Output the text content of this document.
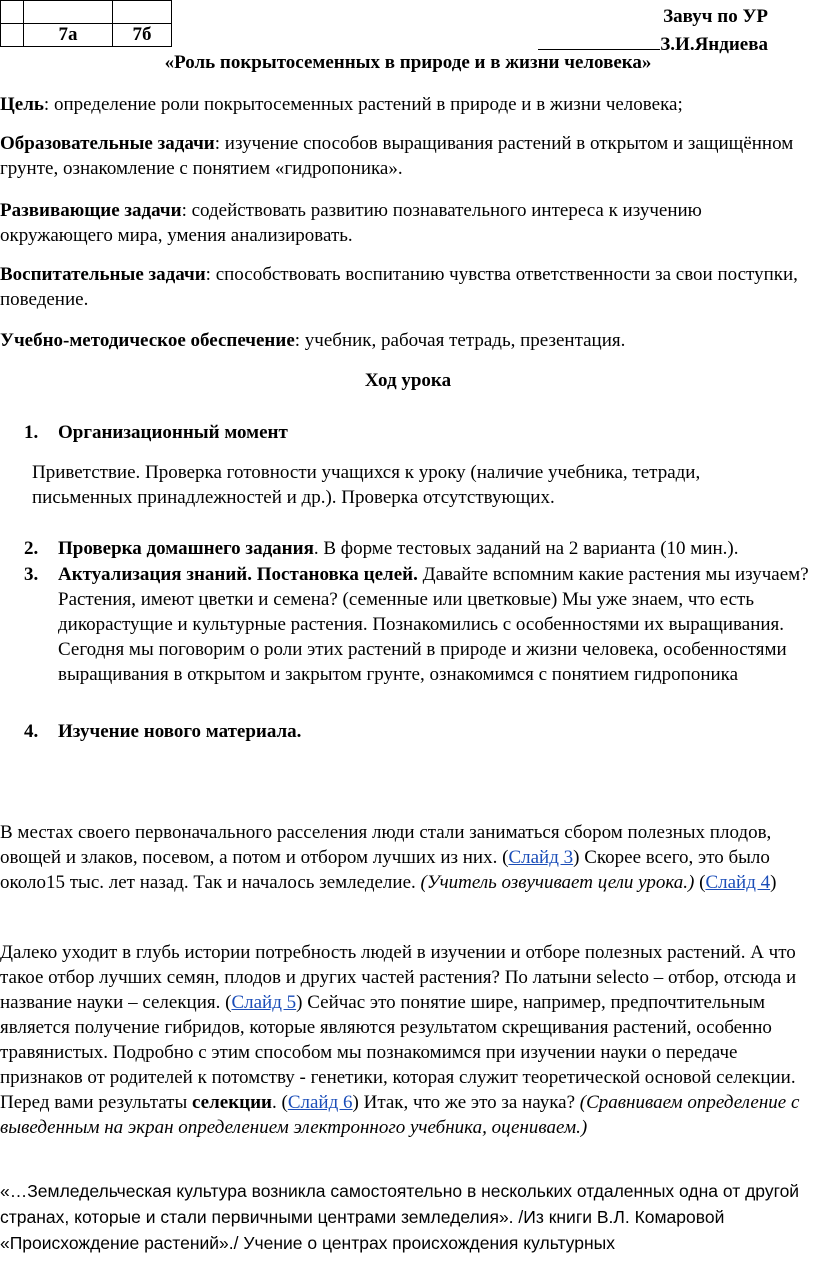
	7а	7б
Завуч по УР
З.И.Яндиева
«Роль покрытосеменных в природе и в жизни человека»

Цель: определение роли покрытосеменных растений в природе и в жизни человека;

Образовательные задачи: изучение способов выращивания растений в открытом и защищённом грунте, ознакомление с понятием «гидропоника».

Развивающие задачи: содействовать развитию познавательного интереса к изучению окружающего мира, умения анализировать.

Воспитательные задачи: способствовать воспитанию чувства ответственности за свои поступки, поведение.

Учебно-методическое обеспечение: учебник, рабочая тетрадь, презентация.

Ход урока
1. Организационный момент

Приветствие. Проверка готовности учащихся к уроку (наличие учебника, тетради, письменных принадлежностей и др.). Проверка отсутствующих.

2. Проверка домашнего задания. В форме тестовых заданий на 2 варианта (10 мин.).
3. Актуализация знаний. Постановка целей. Давайте вспомним какие растения мы изучаем? Растения, имеют цветки и семена? (семенные или цветковые) Мы уже знаем, что есть дикорастущие и культурные растения. Познакомились с особенностями их выращивания. Сегодня мы поговорим о роли этих растений в природе и жизни человека, особенностями выращивания в открытом и закрытом грунте, ознакомимся с понятием гидропоника
4. Изучение нового материала.

В местах своего первоначального расселения люди стали заниматься сбором полезных плодов, овощей и злаков, посевом, а потом и отбором лучших из них. (Слайд 3) Скорее всего, это было около15 тыс. лет назад. Так и началось земледелие. (Учитель озвучивает цели урока.) (Слайд 4)

Далеко уходит в глубь истории потребность людей в изучении и отборе полезных растений. А что такое отбор лучших семян, плодов и других частей растения? По латыни selecto – отбор, отсюда и название науки – селекция. (Слайд 5) Сейчас это понятие шире, например, предпочтительным является получение гибридов, которые являются результатом скрещивания растений, особенно травянистых. Подробно с этим способом мы познакомимся при изучении науки о передаче признаков от родителей к потомству - генетики, которая служит теоретической основой селекции. Перед вами результаты селекции. (Слайд 6) Итак, что же это за наука? (Сравниваем определение с выведенным на экран определением электронного учебника, оцениваем.)

«…Земледельческая культура возникла самостоятельно в нескольких отдаленных одна от другой странах, которые и стали первичными центрами земледелия». /Из книги В.Л. Комаровой «Происхождение растений»./ Учение о центрах происхождения культурных
